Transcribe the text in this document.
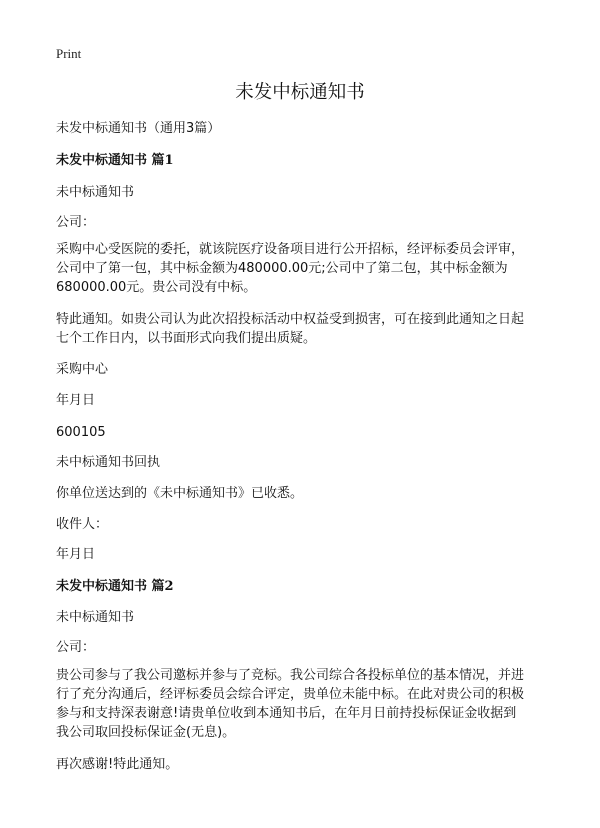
Print
未发中标通知书
未发中标通知书（通用3篇）
未发中标通知书 篇1
未中标通知书
公司：
采购中心受医院的委托，就该院医疗设备项目进行公开招标，经评标委员会评审，
公司中了第一包，其中标金额为480000.00元;公司中了第二包，其中标金额为
680000.00元。贵公司没有中标。
特此通知。如贵公司认为此次招投标活动中权益受到损害，可在接到此通知之日起
七个工作日内，以书面形式向我们提出质疑。
采购中心
年月日
600105
未中标通知书回执
你单位送达到的《未中标通知书》已收悉。
收件人：
年月日
未发中标通知书 篇2
未中标通知书
公司：
贵公司参与了我公司邀标并参与了竞标。我公司综合各投标单位的基本情况，并进
行了充分沟通后，经评标委员会综合评定，贵单位未能中标。在此对贵公司的积极
参与和支持深表谢意!请贵单位收到本通知书后，在年月日前持投标保证金收据到
我公司取回投标保证金(无息)。
再次感谢!特此通知。
